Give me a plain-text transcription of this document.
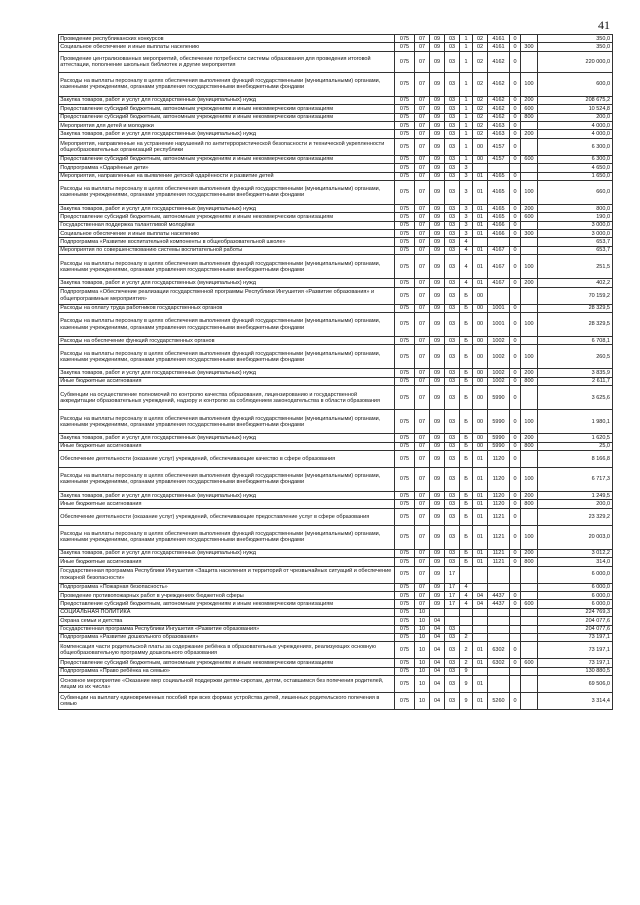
41
Проведение республиканских конкурсов	075	07	09	03	1	02	4161	0		350,0
Социальное обеспечение и иные выплаты населению	075	07	09	03	1	02	4161	0	300	350,0
Проведение централизованных мероприятий, обеспечение потребности системы образования для проведения итоговой аттестации, пополнение школьных библиотек и другие мероприятия	075	07	09	03	1	02	4162	0		220 000,0
Расходы на выплаты персоналу в целях обеспечения выполнения функций государственными (муниципальными) органами, казенными учреждениями, органами управления государственными внебюджетными фондами	075	07	09	03	1	02	4162	0	100	600,0
Закупка товаров, работ и услуг для государственных (муниципальных) нужд	075	07	09	03	1	02	4162	0	200	208 675,2
Предоставление субсидий бюджетным, автономным учреждениям и иным некоммерческим организациям	075	07	09	03	1	02	4162	0	600	10 524,8
Предоставление субсидий бюджетным, автономным учреждениям и иным некоммерческим организациям	075	07	09	03	1	02	4162	0	800	200,0
Мероприятия для детей и молодежи	075	07	09	03	1	02	4163	0		4 000,0
Закупка товаров, работ и услуг для государственных (муниципальных) нужд	075	07	09	03	1	02	4163	0	200	4 000,0
Мероприятия, направленные на устранение нарушений по антитеррористической безопасности и технической укрепленности общеобразовательных организаций республики	075	07	09	03	1	00	4157	0		6 300,0
Предоставление субсидий бюджетным, автономным учреждениям и иным некоммерческим организациям	075	07	09	03	1	00	4157	0	600	6 300,0
Подпрограмма «Одарённые дети»	075	07	09	03	3					4 650,0
Мероприятия, направленные на выявление детской одарённости и развитие детей	075	07	09	03	3	01	4165	0		1 650,0
Расходы на выплаты персоналу в целях обеспечения выполнения функций государственными (муниципальными) органами, казенными учреждениями, органами управления государственными внебюджетными фондами	075	07	09	03	3	01	4165	0	100	660,0
Закупка товаров, работ и услуг для государственных (муниципальных) нужд	075	07	09	03	3	01	4165	0	200	800,0
Предоставление субсидий бюджетным, автономным учреждениям и иным некоммерческим организациям	075	07	09	03	3	01	4165	0	600	190,0
Государственная поддержка талантливой молодёжи	075	07	09	03	3	01	4166	0		3 000,0
Социальное обеспечение и иные выплаты населению	075	07	09	03	3	01	4166	0	300	3 000,0
Подпрограмма «Развитие воспитательной компоненты в общеобразовательной школе»	075	07	09	03	4					653,7
Мероприятия по совершенствованию системы воспитательной работы	075	07	09	03	4	01	4167	0		653,7
Расходы на выплаты персоналу в целях обеспечения выполнения функций государственными (муниципальными) органами, казенными учреждениями, органами управления государственными внебюджетными фондами	075	07	09	03	4	01	4167	0	100	251,5
Закупка товаров, работ и услуг для государственных (муниципальных) нужд	075	07	09	03	4	01	4167	0	200	402,2
Подпрограмма «Обеспечение реализации государственной программы Республики Ингушетия «Развитие образования» и общепрограммные мероприятия»	075	07	09	03	Б	00				70 159,2
Расходы на оплату труда работников государственных органов	075	07	09	03	Б	00	1001	0		28 329,5
Расходы на выплаты персоналу в целях обеспечения выполнения функций государственными (муниципальными) органами, казенными учреждениями, органами управления государственными внебюджетными фондами	075	07	09	03	Б	00	1001	0	100	28 329,5
Расходы на обеспечение функций государственных органов	075	07	09	03	Б	00	1002	0		6 708,1
Расходы на выплаты персоналу в целях обеспечения выполнения функций государственными (муниципальными) органами, казенными учреждениями, органами управления государственными внебюджетными фондами	075	07	09	03	Б	00	1002	0	100	260,5
Закупка товаров, работ и услуг для государственных (муниципальных) нужд	075	07	09	03	Б	00	1002	0	200	3 835,9
Иные бюджетные ассигнования	075	07	09	03	Б	00	1002	0	800	2 611,7
Субвенции на осуществление полномочий по контролю качества образования, лицензированию и государственной аккредитации образовательных учреждений, надзору и контролю за соблюдением законодательства в области образования	075	07	09	03	Б	00	5990	0		3 625,6
Расходы на выплаты персоналу в целях обеспечения выполнения функций государственными (муниципальными) органами, казенными учреждениями, органами управления государственными внебюджетными фондами	075	07	09	03	Б	00	5990	0	100	1 980,1
Закупка товаров, работ и услуг для государственных (муниципальных) нужд	075	07	09	03	Б	00	5990	0	200	1 620,5
Иные бюджетные ассигнования	075	07	09	03	Б	00	5990	0	800	25,0
Обеспечение деятельности (оказание услуг) учреждений, обеспечивающие качество в сфере образования	075	07	09	03	Б	01	1120	0		8 166,8
Расходы на выплаты персоналу в целях обеспечения выполнения функций государственными (муниципальными) органами, казенными учреждениями, органами управления государственными внебюджетными фондами	075	07	09	03	Б	01	1120	0	100	6 717,3
Закупка товаров, работ и услуг для государственных (муниципальных) нужд	075	07	09	03	Б	01	1120	0	200	1 249,5
Иные бюджетные ассигнования	075	07	09	03	Б	01	1120	0	800	200,0
Обеспечение деятельности (оказание услуг) учреждений, обеспечивающие предоставление услуг в сфере образования	075	07	09	03	Б	01	1121	0		23 329,2
Расходы на выплаты персоналу в целях обеспечения выполнения функций государственными (муниципальными) органами, казенными учреждениями, органами управления государственными внебюджетными фондами	075	07	09	03	Б	01	1121	0	100	20 003,0
Закупка товаров, работ и услуг для государственных (муниципальных) нужд	075	07	09	03	Б	01	1121	0	200	3 012,2
Иные бюджетные ассигнования	075	07	09	03	Б	01	1121	0	800	314,0
Государственная программа Республики Ингушетия «Защита населения и территорий от чрезвычайных ситуаций и обеспечение пожарной безопасности»	075	07	09	17						6 000,0
Подпрограмма «Пожарная безопасность»	075	07	09	17	4					6 000,0
Проведение противопожарных работ в учреждениях бюджетной сферы	075	07	09	17	4	04	4437	0		6 000,0
Предоставление субсидий бюджетным, автономным учреждениям и иным некоммерческим организациям	075	07	09	17	4	04	4437	0	600	6 000,0
СОЦИАЛЬНАЯ ПОЛИТИКА	075	10								224 769,3
Охрана семьи и детства	075	10	04							204 077,6
Государственная программа Республики Ингушетия «Развитие образования»	075	10	04	03						204 077,6
Подпрограмма «Развитие дошкольного образования»	075	10	04	03	2					73 197,1
Компенсация части родительской платы за содержание ребёнка в образовательных учреждениях, реализующих основную общеобразовательную программу дошкольного образования	075	10	04	03	2	01	6302	0		73 197,1
Предоставление субсидий бюджетным, автономным учреждениям и иным некоммерческим организациям	075	10	04	03	2	01	6302	0	600	73 197,1
Подпрограмма «Право ребёнка на семью»	075	10	04	03	9					130 880,5
Основное мероприятие «Оказание мер социальной поддержки детям-сиротам, детям, оставшимся без попечения родителей, лицам из их числа»	075	10	04	03	9	01				69 506,0
Субвенции на выплату единовременных пособий при всех формах устройства детей, лишенных родительского попечения в семью	075	10	04	03	9	01	5260	0		3 314,4
